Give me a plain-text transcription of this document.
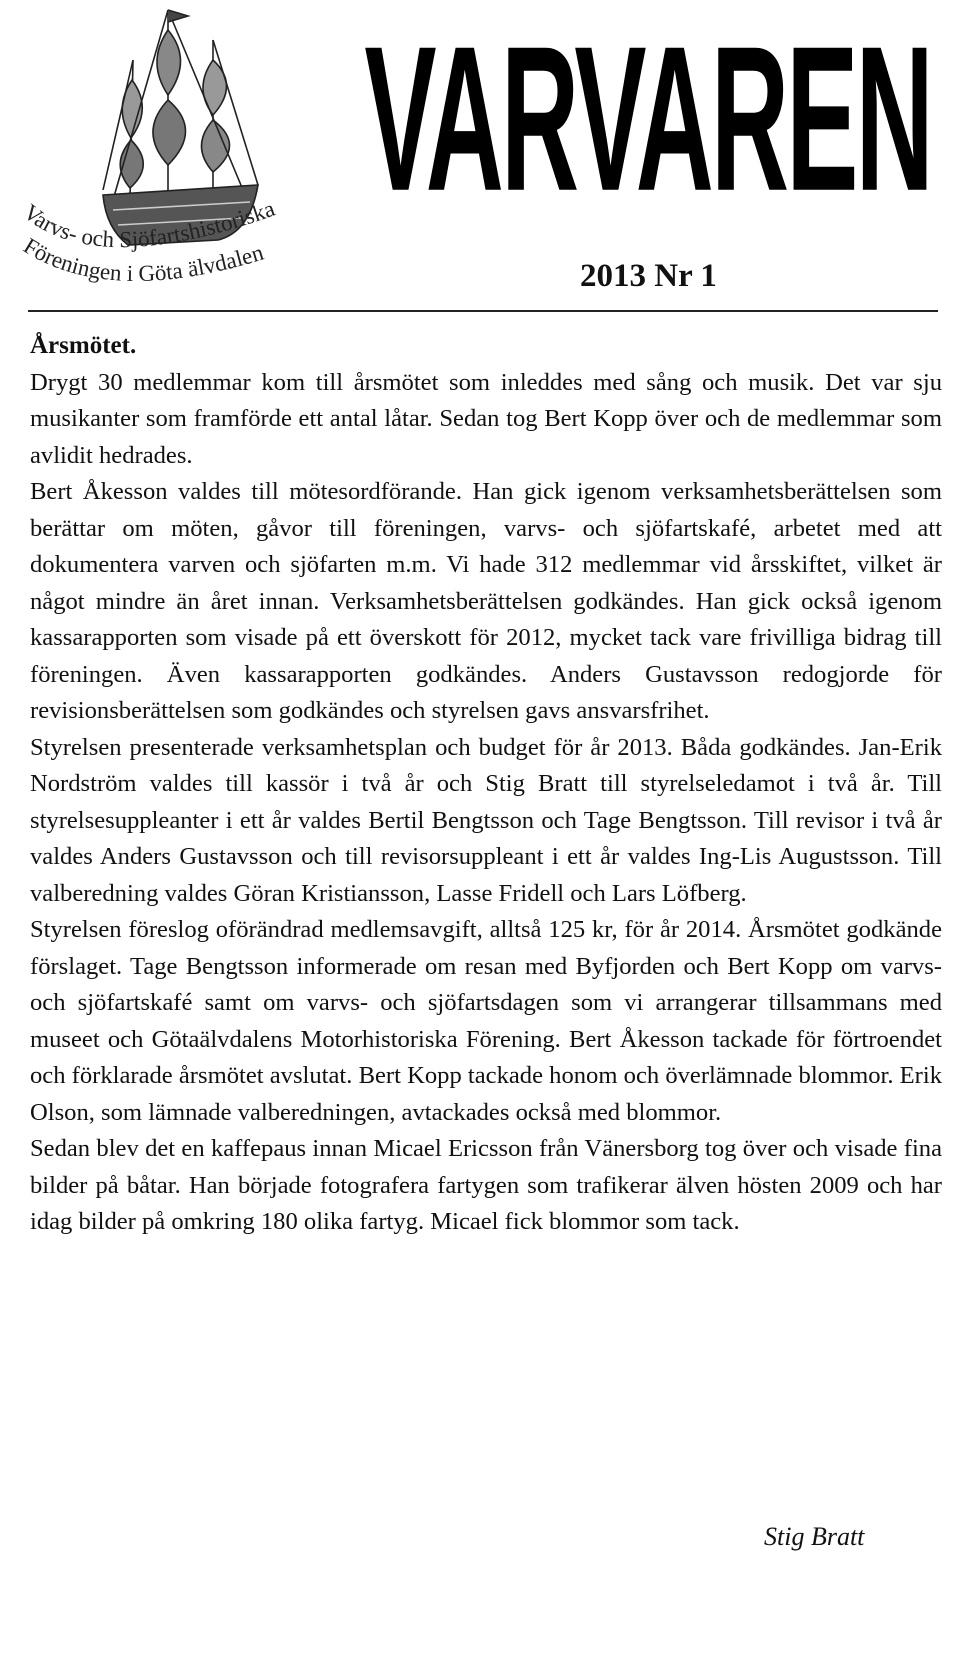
Varvs- och Sjöfartshistoriska
Föreningen i Göta älvdalen
VARVAREN
2013 Nr 1
Årsmötet.

Drygt 30 medlemmar kom till årsmötet som inleddes med sång och musik. Det var sju musikanter som framförde ett antal låtar. Sedan tog Bert Kopp över och de medlemmar som avlidit hedrades.

Bert Åkesson valdes till mötesordförande. Han gick igenom verksamhetsberättelsen som berättar om möten, gåvor till föreningen, varvs- och sjöfartskafé, arbetet med att dokumentera varven och sjöfarten m.m. Vi hade 312 medlemmar vid årsskiftet, vilket är något mindre än året innan. Verksamhetsberättelsen godkändes. Han gick också igenom kassarapporten som visade på ett överskott för 2012, mycket tack vare frivilliga bidrag till föreningen. Även kassarapporten godkändes. Anders Gustavsson redogjorde för revisionsberättelsen som godkändes och styrelsen gavs ansvarsfrihet.

Styrelsen presenterade verksamhetsplan och budget för år 2013. Båda godkändes. Jan-Erik Nordström valdes till kassör i två år och Stig Bratt till styrelseledamot i två år. Till styrelsesuppleanter i ett år valdes Bertil Bengtsson och Tage Bengtsson. Till revisor i två år valdes Anders Gustavsson och till revisorsuppleant i ett år valdes Ing-Lis Augustsson. Till valberedning valdes Göran Kristiansson, Lasse Fridell och Lars Löfberg.

Styrelsen föreslog oförändrad medlemsavgift, alltså 125 kr, för år 2014. Årsmötet godkände förslaget. Tage Bengtsson informerade om resan med Byfjorden och Bert Kopp om varvs- och sjöfartskafé samt om varvs- och sjöfartsdagen som vi arrangerar tillsammans med museet och Götaälvdalens Motorhistoriska Förening. Bert Åkesson tackade för förtroendet och förklarade årsmötet avslutat. Bert Kopp tackade honom och överlämnade blommor. Erik Olson, som lämnade valberedningen, avtackades också med blommor.

Sedan blev det en kaffepaus innan Micael Ericsson från Vänersborg tog över och visade fina bilder på båtar. Han började fotografera fartygen som trafikerar älven hösten 2009 och har idag bilder på omkring 180 olika fartyg. Micael fick blommor som tack.

Stig Bratt
